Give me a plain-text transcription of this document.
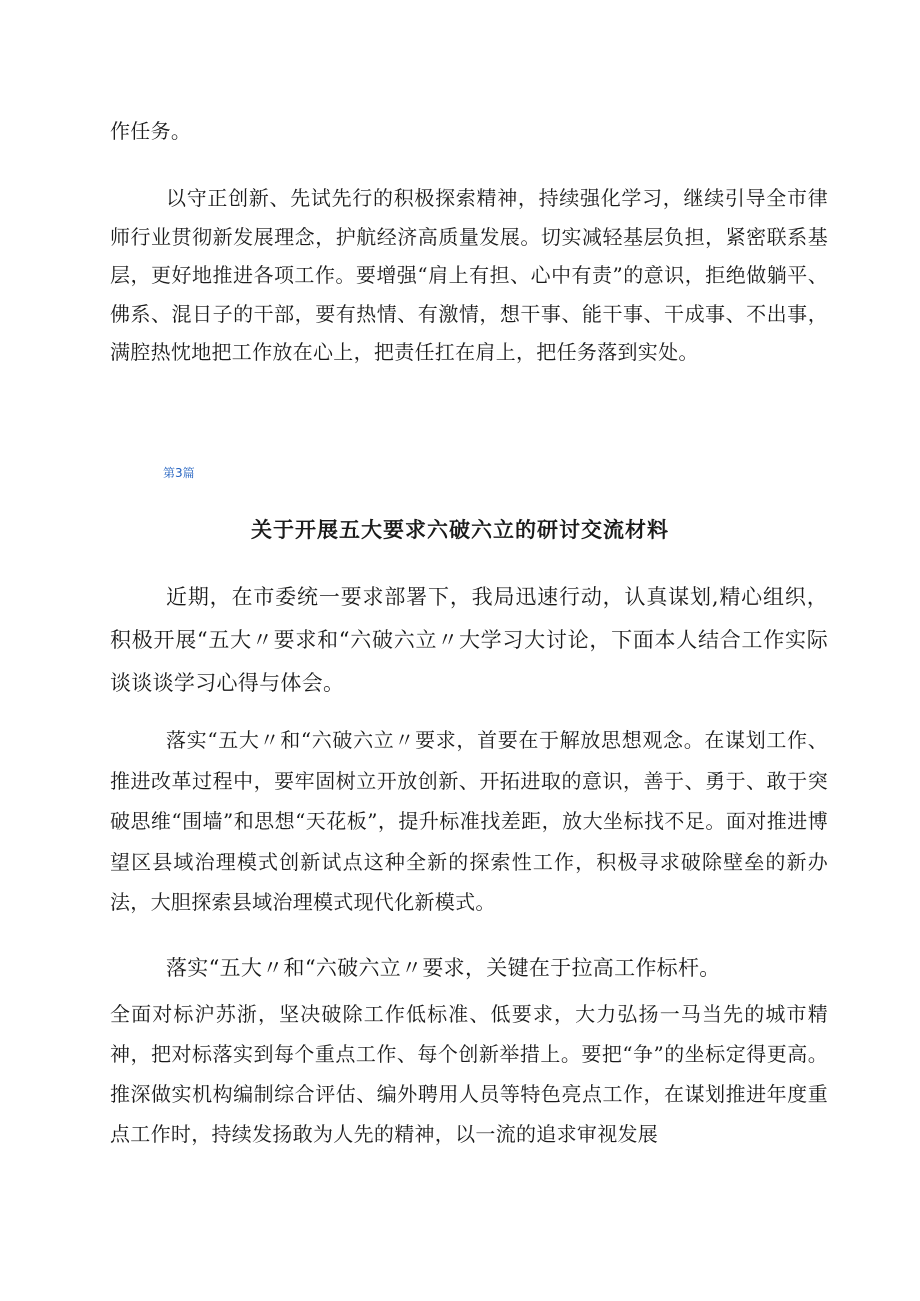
作任务。

以守正创新、先试先行的积极探索精神，持续强化学习，继续引导全市律师行业贯彻新发展理念，护航经济高质量发展。切实减轻基层负担，紧密联系基层，更好地推进各项工作。要增强“肩上有担、心中有责”的意识，拒绝做躺平、佛系、混日子的干部，要有热情、有激情，想干事、能干事、干成事、不出事，满腔热忱地把工作放在心上，把责任扛在肩上，把任务落到实处。

第3篇
关于开展五大要求六破六立的研讨交流材料

近期，在市委统一要求部署下，我局迅速行动，认真谋划,精心组织，积极开展“五大〃要求和“六破六立〃大学习大讨论，下面本人结合工作实际谈谈谈学习心得与体会。

落实“五大〃和“六破六立〃要求，首要在于解放思想观念。在谋划工作、推进改革过程中，要牢固树立开放创新、开拓进取的意识，善于、勇于、敢于突破思维“围墙”和思想“天花板”，提升标准找差距，放大坐标找不足。面对推进博望区县域治理模式创新试点这种全新的探索性工作，积极寻求破除壁垒的新办法，大胆探索县域治理模式现代化新模式。

落实“五大〃和“六破六立〃要求，关键在于拉高工作标杆。

全面对标沪苏浙，坚决破除工作低标准、低要求，大力弘扬一马当先的城市精神，把对标落实到每个重点工作、每个创新举措上。要把“争”的坐标定得更高。推深做实机构编制综合评估、编外聘用人员等特色亮点工作，在谋划推进年度重点工作时，持续发扬敢为人先的精神，以一流的追求审视发展
